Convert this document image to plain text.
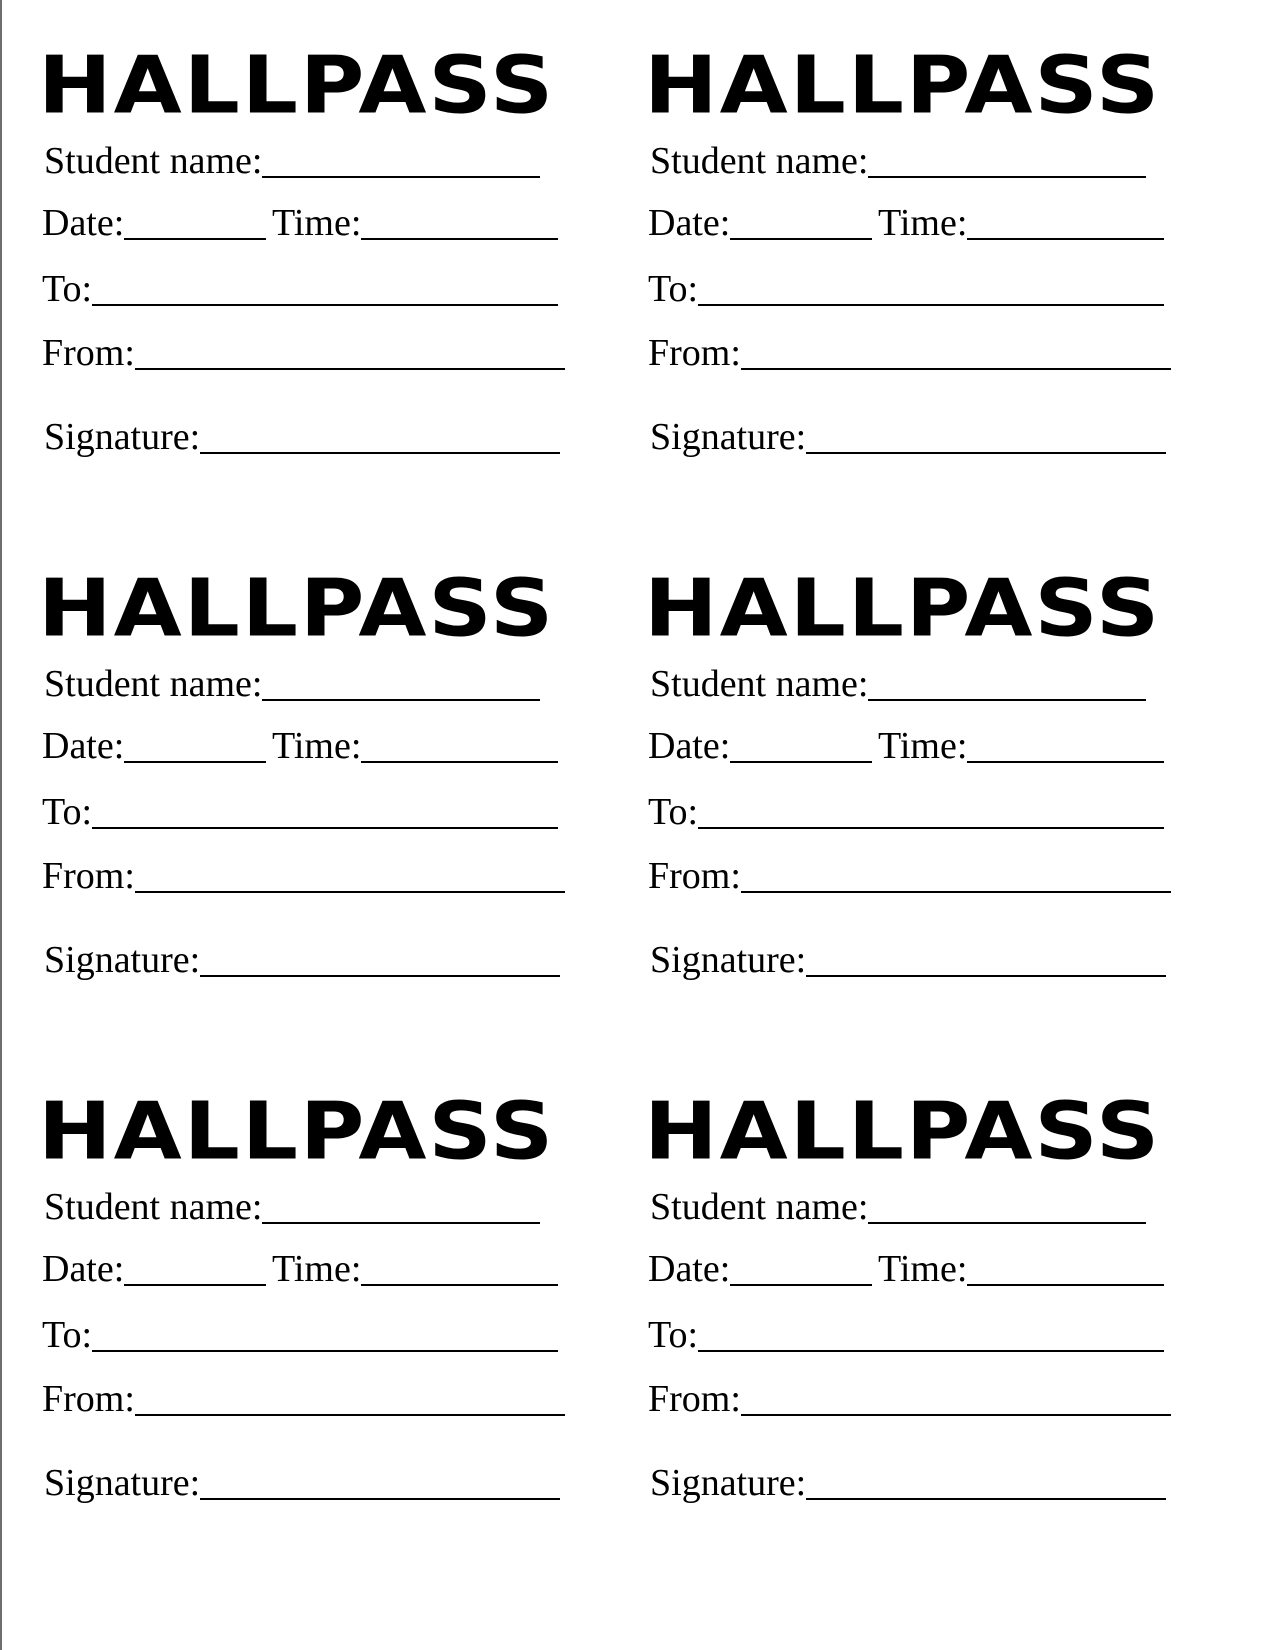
HALLPASS
Student name:
Date:	Time:
To:
From:
Signature:
HALLPASS
Student name:
Date:	Time:
To:
From:
Signature:
HALLPASS
Student name:
Date:	Time:
To:
From:
Signature:
HALLPASS
Student name:
Date:	Time:
To:
From:
Signature:
HALLPASS
Student name:
Date:	Time:
To:
From:
Signature:
HALLPASS
Student name:
Date:	Time:
To:
From:
Signature:
